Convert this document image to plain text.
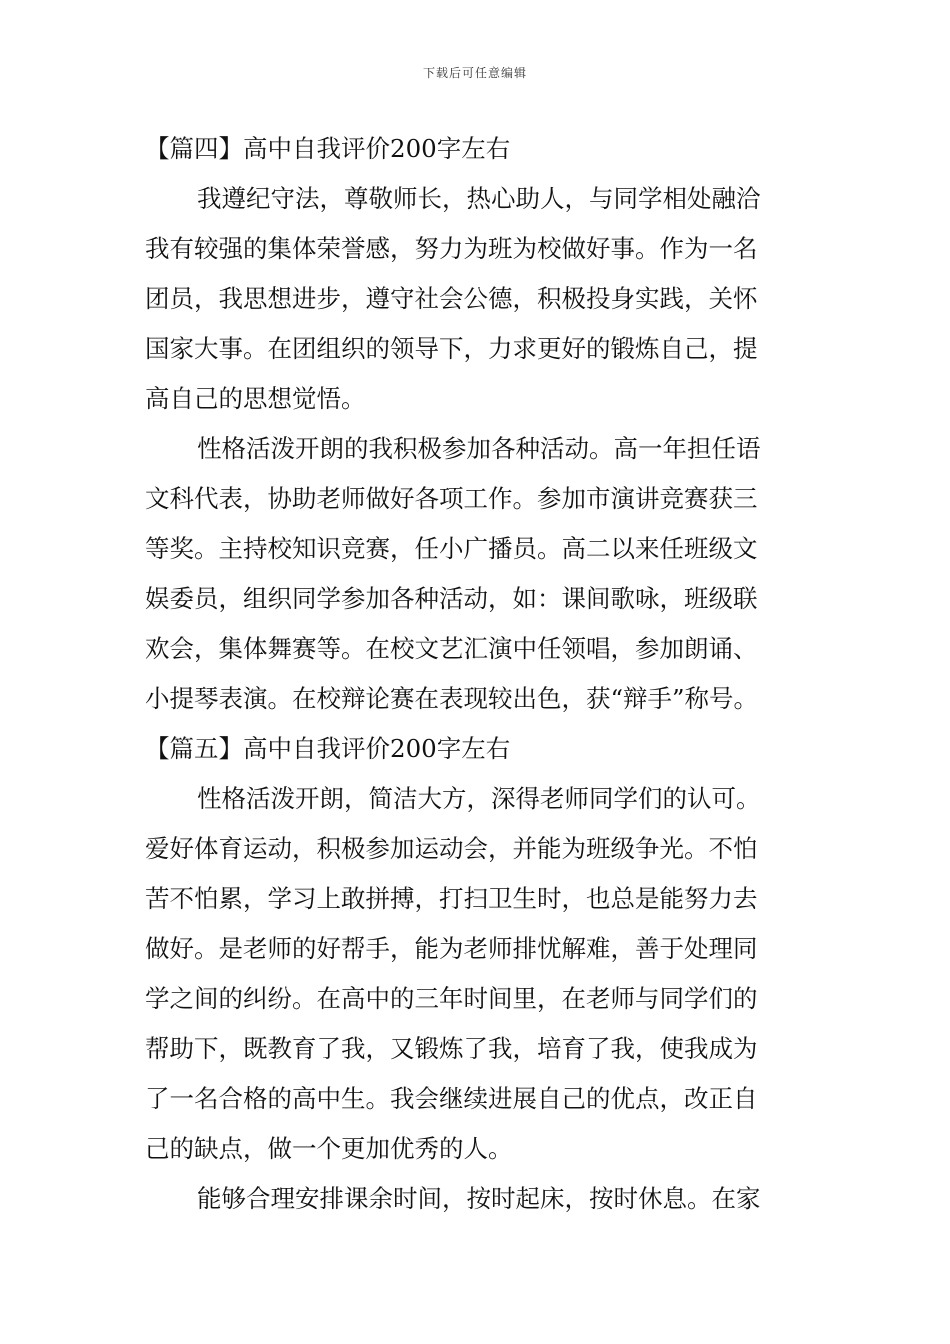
下载后可任意编辑
【篇四】高中自我评价200字左右
我遵纪守法，尊敬师长，热心助人，与同学相处融洽
我有较强的集体荣誉感，努力为班为校做好事。作为一名
团员，我思想进步，遵守社会公德，积极投身实践，关怀
国家大事。在团组织的领导下，力求更好的锻炼自己，提
高自己的思想觉悟。
性格活泼开朗的我积极参加各种活动。高一年担任语
文科代表，协助老师做好各项工作。参加市演讲竞赛获三
等奖。主持校知识竞赛，任小广播员。高二以来任班级文
娱委员，组织同学参加各种活动，如：课间歌咏，班级联
欢会，集体舞赛等。在校文艺汇演中任领唱，参加朗诵、
小提琴表演。在校辩论赛在表现较出色，获“辩手”称号。
【篇五】高中自我评价200字左右
性格活泼开朗，简洁大方，深得老师同学们的认可。
爱好体育运动，积极参加运动会，并能为班级争光。不怕
苦不怕累，学习上敢拼搏，打扫卫生时，也总是能努力去
做好。是老师的好帮手，能为老师排忧解难，善于处理同
学之间的纠纷。在高中的三年时间里，在老师与同学们的
帮助下，既教育了我，又锻炼了我，培育了我，使我成为
了一名合格的高中生。我会继续进展自己的优点，改正自
己的缺点，做一个更加优秀的人。
能够合理安排课余时间，按时起床，按时休息。在家
